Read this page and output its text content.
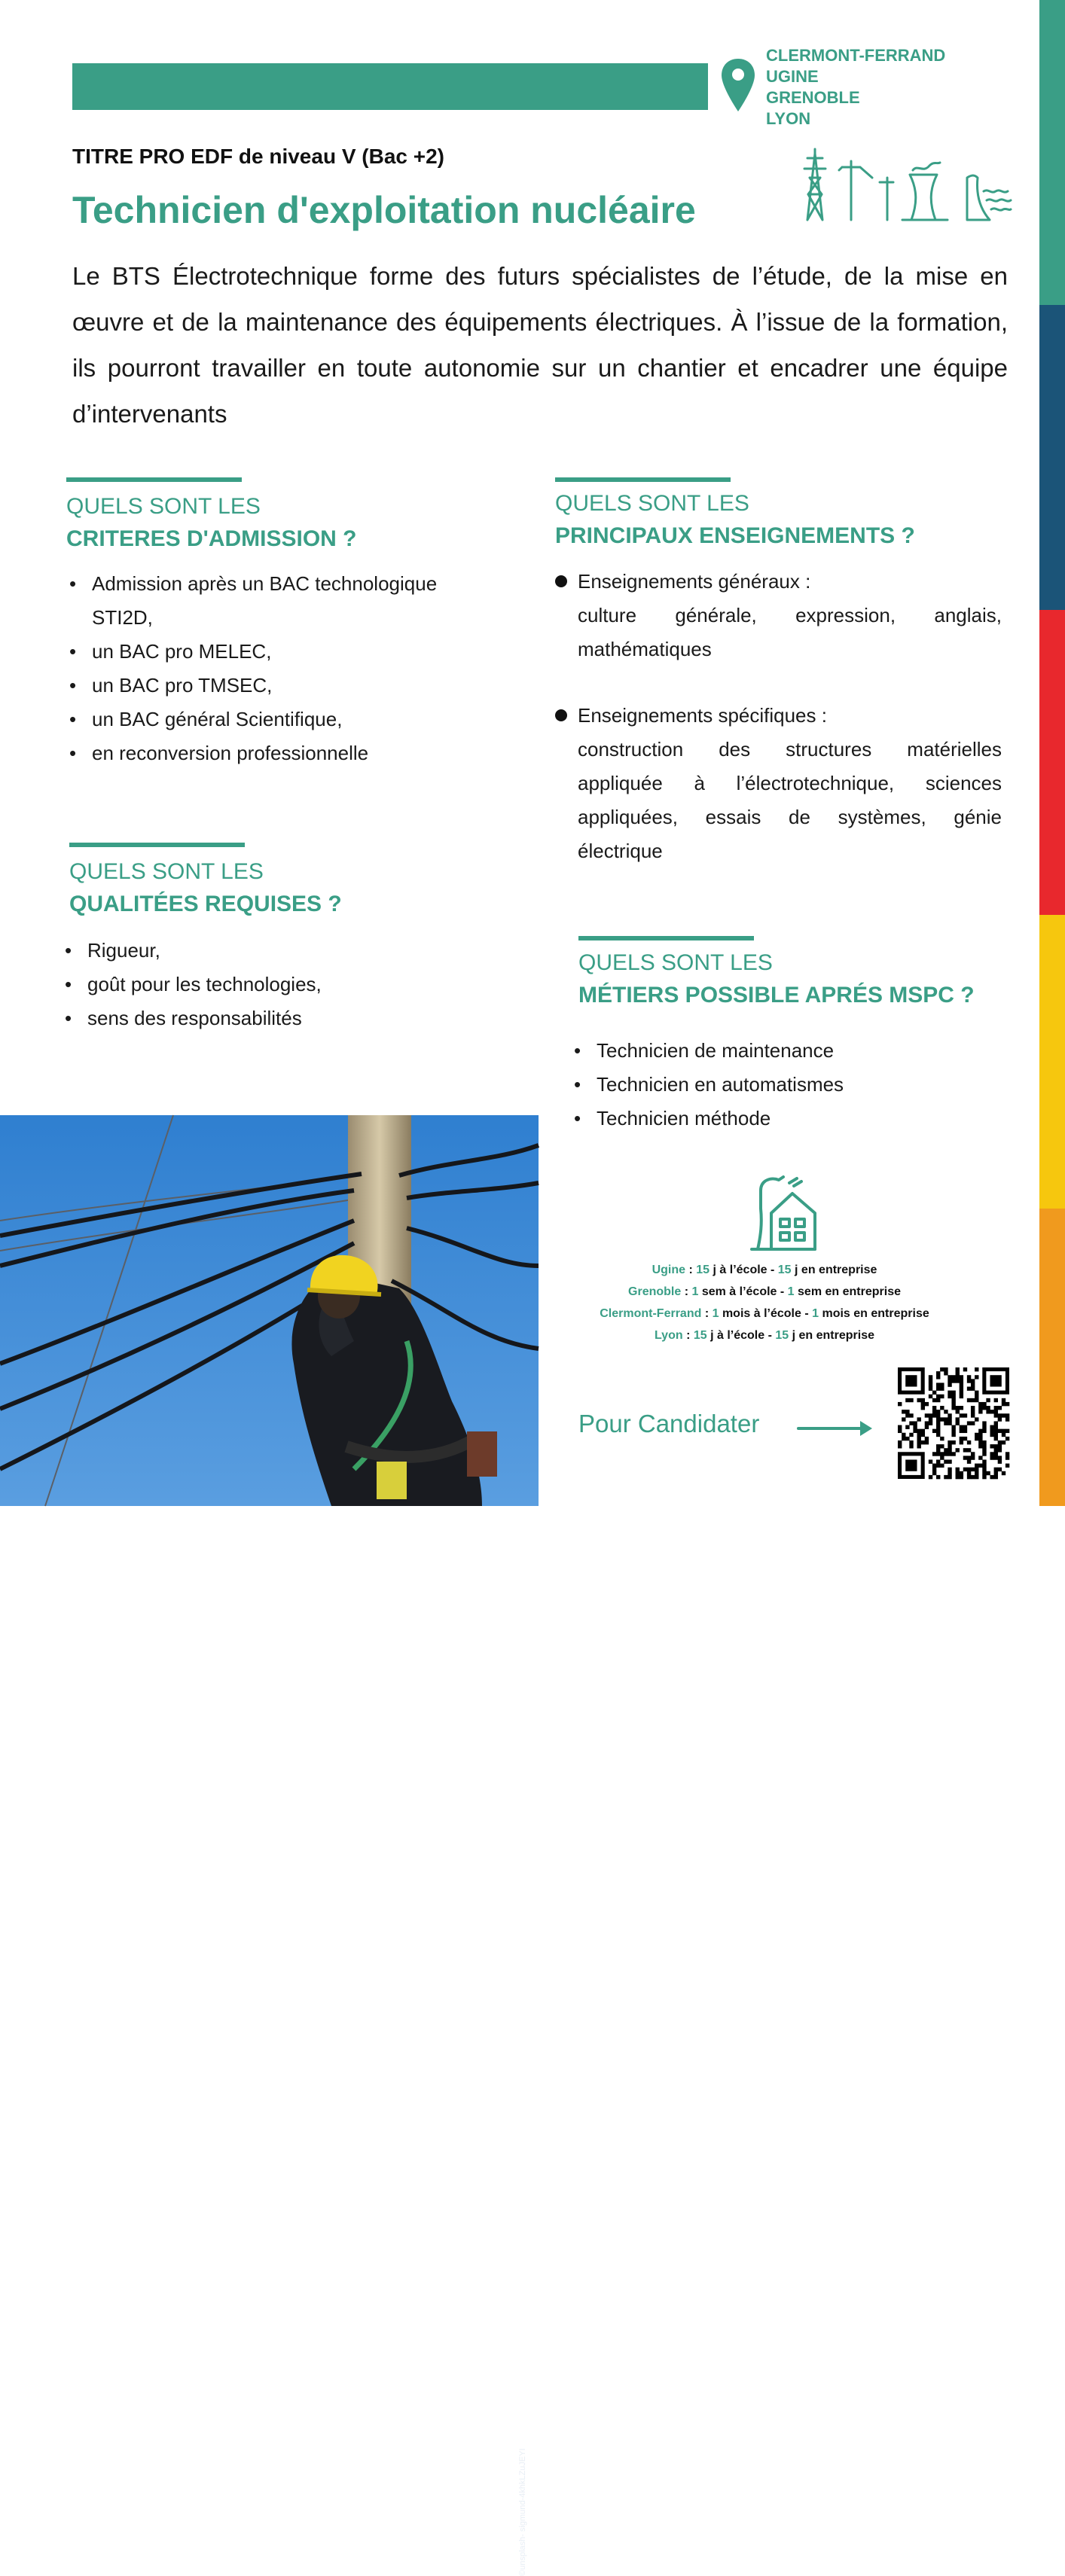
CLERMONT-FERRAND
UGINE
GRENOBLE
LYON
TITRE PRO EDF de niveau V (Bac +2)
Technicien d'exploitation nucléaire

Le BTS Électrotechnique forme des futurs spécialistes de l’étude, de la mise en œuvre et de la maintenance des équipements électriques. À l’issue de la formation, ils pourront travailler en toute autonomie sur un chantier et encadrer une équipe d’intervenants

QUELS SONT LES
CRITERES D'ADMISSION ?
• Admission après un BAC technologique STI2D,
• un BAC pro MELEC,
• un BAC pro TMSEC,
• un BAC général Scientifique,
• en reconversion professionnelle
QUELS SONT LES
QUALITÉES REQUISES ?
• Rigueur,
• goût pour les technologies,
• sens des responsabilités
QUELS SONT LES
PRINCIPAUX ENSEIGNEMENTS ?
Enseignements généraux :
culture générale, expression, anglais, mathématiques
Enseignements spécifiques :
construction des structures matérielles appliquée à l’électrotechnique, sciences appliquées, essais de systèmes, génie électrique
QUELS SONT LES
MÉTIERS POSSIBLE APRÉS MSPC ?
• Technicien de maintenance
• Technicien en automatismes
• Technicien méthode
©unsplash- sigmund-4khkLZuJEYI
Ugine : 15 j à l’école - 15 j en entreprise
Grenoble : 1 sem à l’école - 1 sem en entreprise
Clermont-Ferrand : 1 mois à l’école - 1 mois en entreprise
Lyon : 15 j à l’école - 15 j en entreprise
Pour Candidater
